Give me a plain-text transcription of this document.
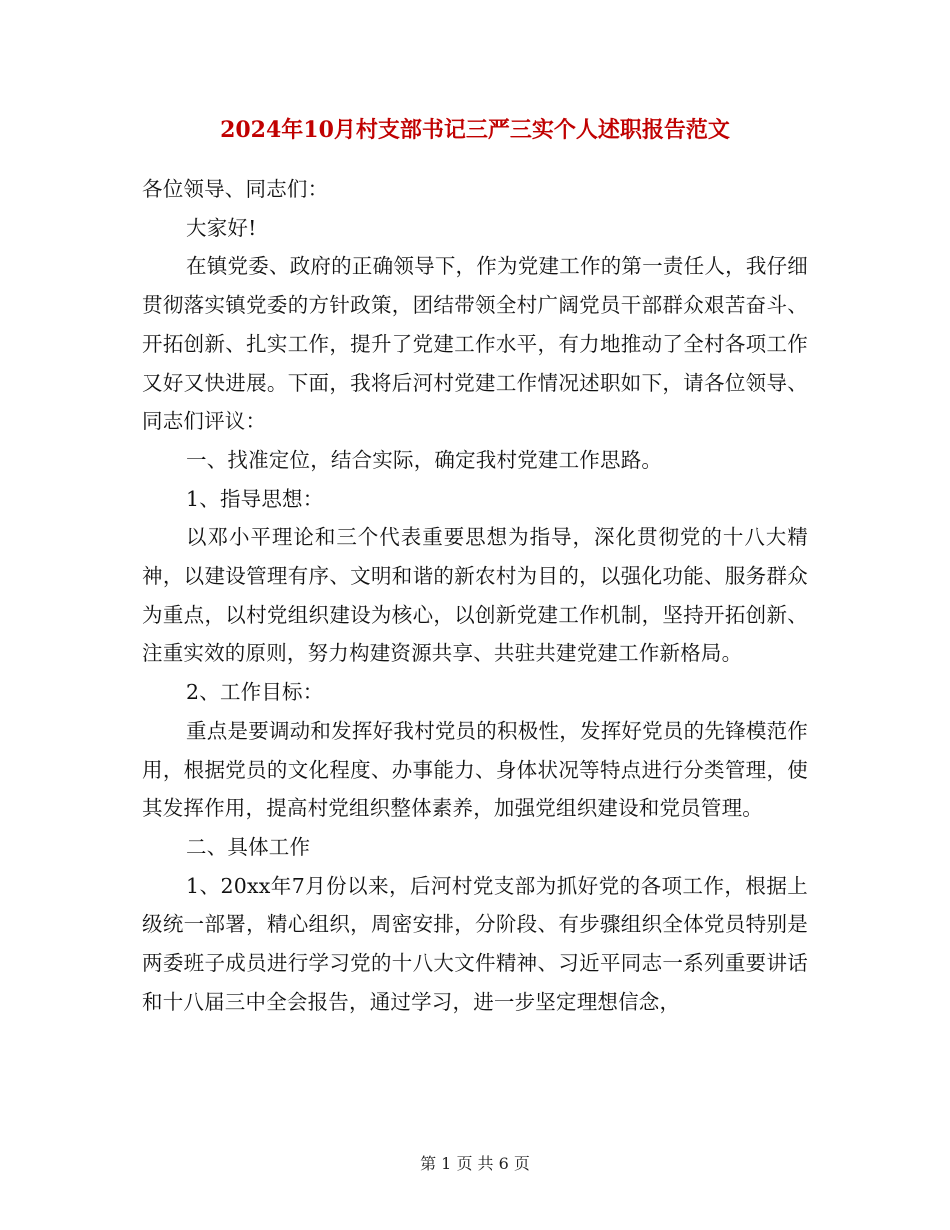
2024年10月村支部书记三严三实个人述职报告范文

各位领导、同志们：

大家好!

在镇党委、政府的正确领导下，作为党建工作的第一责任人，我仔细贯彻落实镇党委的方针政策，团结带领全村广阔党员干部群众艰苦奋斗、开拓创新、扎实工作，提升了党建工作水平，有力地推动了全村各项工作又好又快进展。下面，我将后河村党建工作情况述职如下，请各位领导、同志们评议：

一、找准定位，结合实际，确定我村党建工作思路。

1、指导思想：

以邓小平理论和三个代表重要思想为指导，深化贯彻党的十八大精神，以建设管理有序、文明和谐的新农村为目的，以强化功能、服务群众为重点，以村党组织建设为核心，以创新党建工作机制，坚持开拓创新、注重实效的原则，努力构建资源共享、共驻共建党建工作新格局。

2、工作目标：

重点是要调动和发挥好我村党员的积极性，发挥好党员的先锋模范作用，根据党员的文化程度、办事能力、身体状况等特点进行分类管理，使其发挥作用，提高村党组织整体素养，加强党组织建设和党员管理。

二、具体工作

1、20xx年7月份以来，后河村党支部为抓好党的各项工作，根据上级统一部署，精心组织，周密安排，分阶段、有步骤组织全体党员特别是两委班子成员进行学习党的十八大文件精神、习近平同志一系列重要讲话和十八届三中全会报告，通过学习，进一步坚定理想信念，

第 1 页 共 6 页
